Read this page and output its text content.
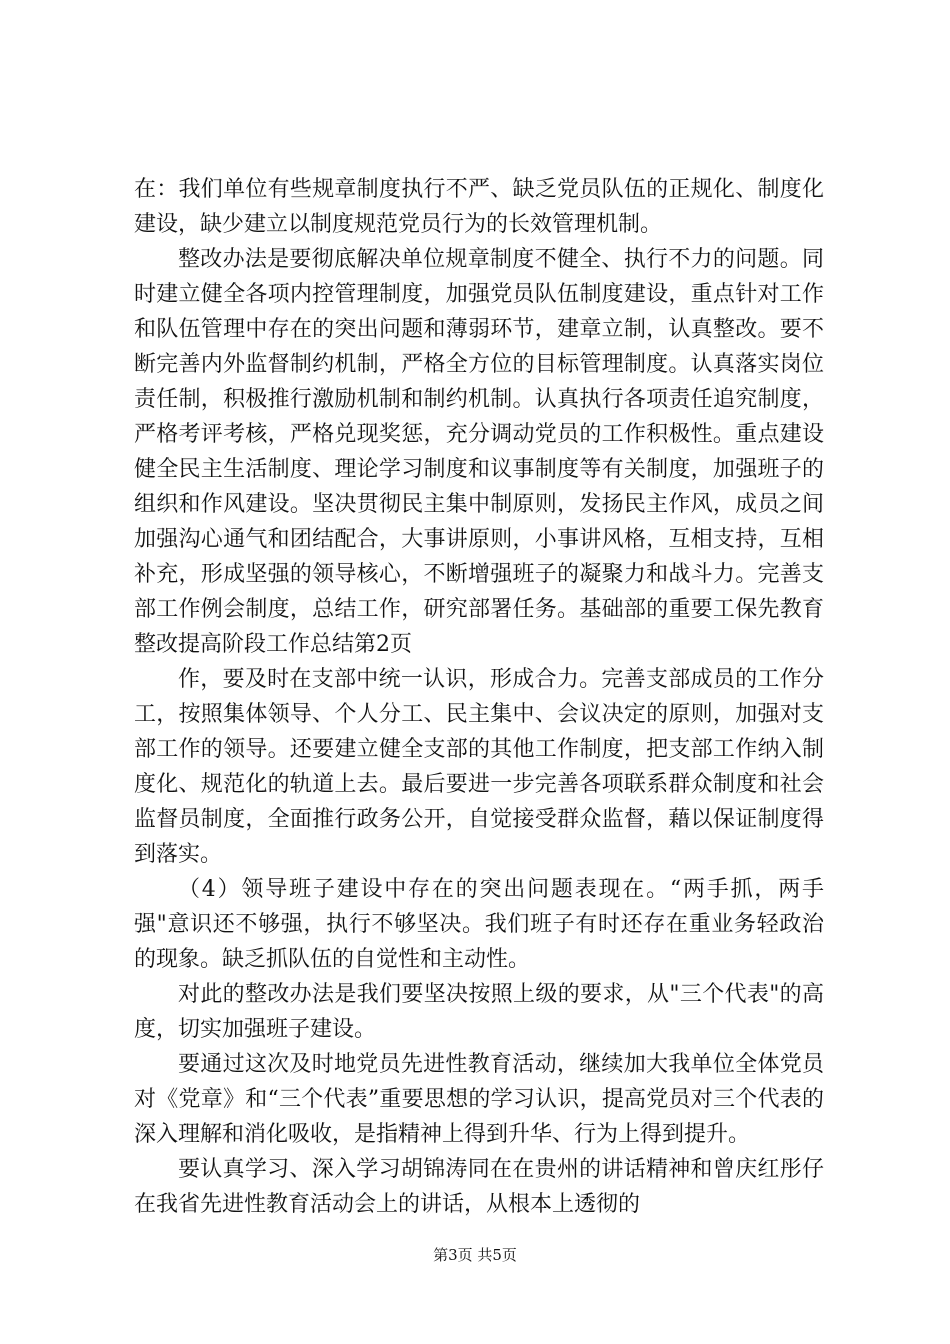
在：我们单位有些规章制度执行不严、缺乏党员队伍的正规化、制度化建设，缺少建立以制度规范党员行为的长效管理机制。

整改办法是要彻底解决单位规章制度不健全、执行不力的问题。同时建立健全各项内控管理制度，加强党员队伍制度建设，重点针对工作和队伍管理中存在的突出问题和薄弱环节，建章立制，认真整改。要不断完善内外监督制约机制，严格全方位的目标管理制度。认真落实岗位责任制，积极推行激励机制和制约机制。认真执行各项责任追究制度，严格考评考核，严格兑现奖惩，充分调动党员的工作积极性。重点建设健全民主生活制度、理论学习制度和议事制度等有关制度，加强班子的组织和作风建设。坚决贯彻民主集中制原则，发扬民主作风，成员之间加强沟心通气和团结配合，大事讲原则，小事讲风格，互相支持，互相补充，形成坚强的领导核心，不断增强班子的凝聚力和战斗力。完善支部工作例会制度，总结工作，研究部署任务。基础部的重要工保先教育整改提高阶段工作总结第2页

作，要及时在支部中统一认识，形成合力。完善支部成员的工作分工，按照集体领导、个人分工、民主集中、会议决定的原则，加强对支部工作的领导。还要建立健全支部的其他工作制度，把支部工作纳入制度化、规范化的轨道上去。最后要进一步完善各项联系群众制度和社会监督员制度，全面推行政务公开，自觉接受群众监督，藉以保证制度得到落实。

（4）领导班子建设中存在的突出问题表现在。“两手抓，两手强"意识还不够强，执行不够坚决。我们班子有时还存在重业务轻政治的现象。缺乏抓队伍的自觉性和主动性。

对此的整改办法是我们要坚决按照上级的要求，从"三个代表"的高度，切实加强班子建设。

要通过这次及时地党员先进性教育活动，继续加大我单位全体党员对《党章》和“三个代表”重要思想的学习认识，提高党员对三个代表的深入理解和消化吸收，是指精神上得到升华、行为上得到提升。

要认真学习、深入学习胡锦涛同在在贵州的讲话精神和曾庆红彤仔在我省先进性教育活动会上的讲话，从根本上透彻的

第3页 共5页
